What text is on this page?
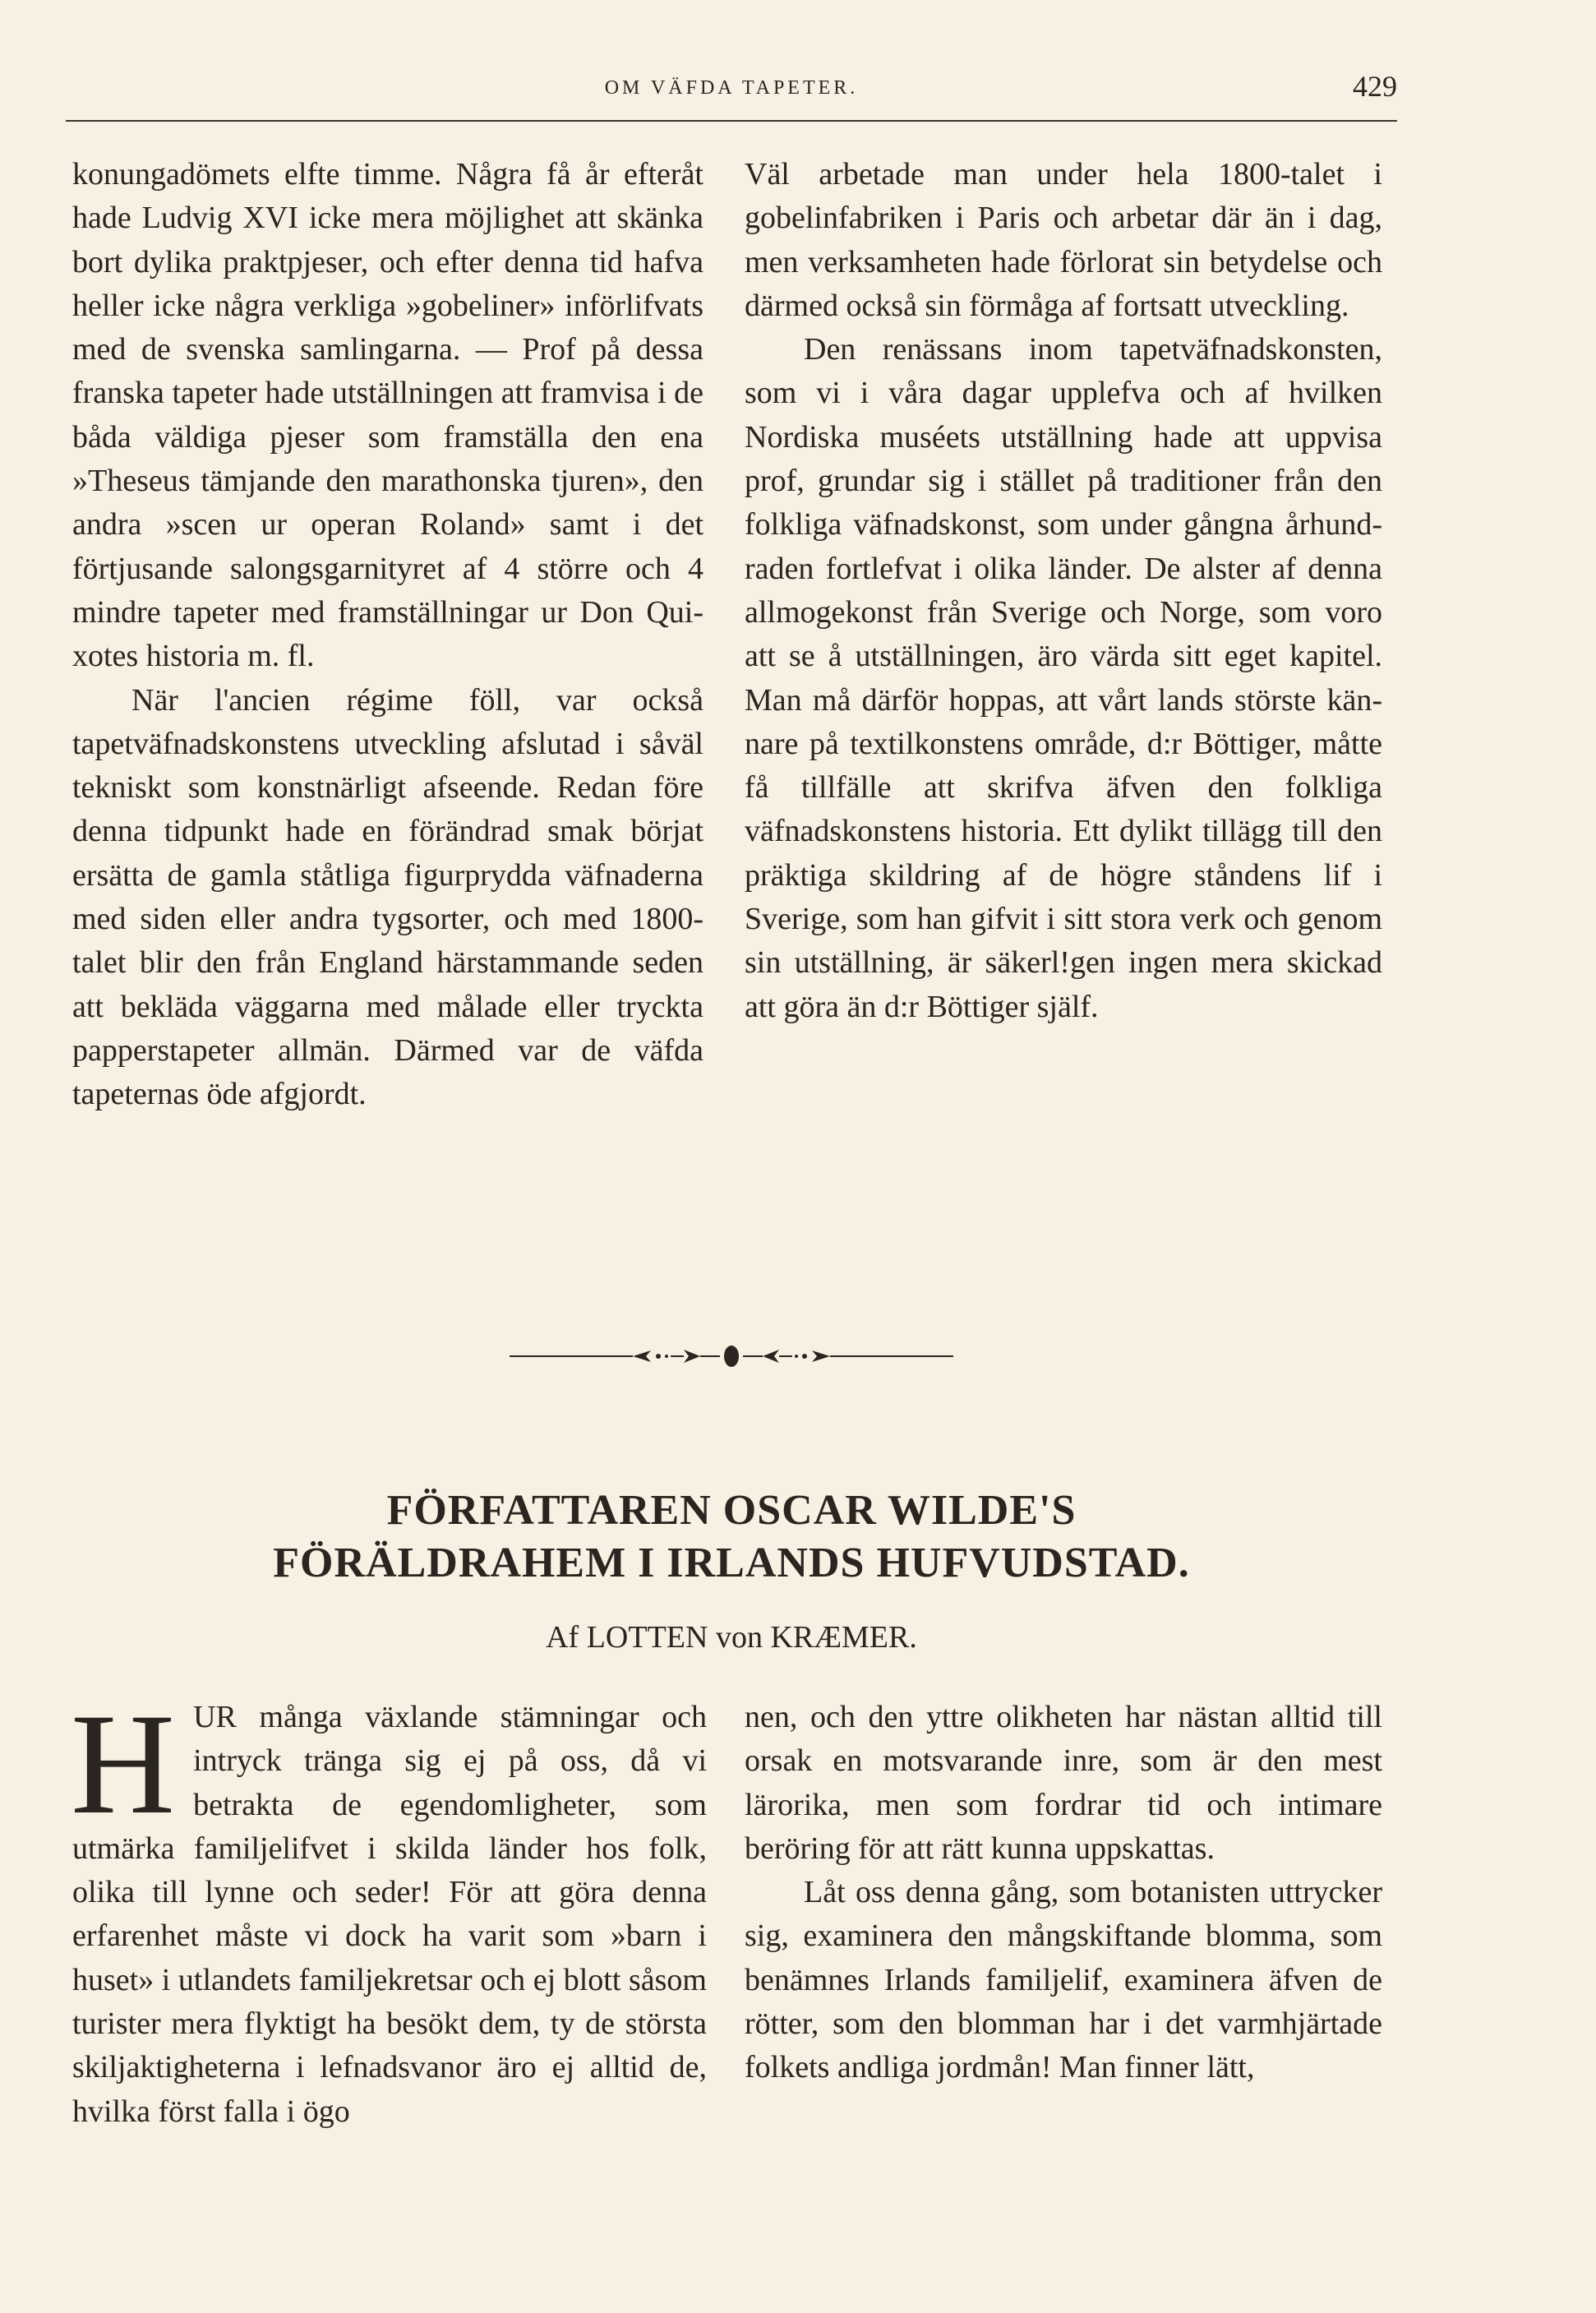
OM VÄFDA TAPETER.	429

konungadömets elfte timme. Några få år efteråt hade Ludvig XVI icke mera möjlighet att skänka bort dylika praktpjeser, och efter denna tid hafva heller icke några verkliga »gobeliner» införlifvats med de svenska samlingarna. — Prof på dessa franska tapeter hade utställningen att framvisa i de båda väldiga pjeser som framställa den ena »Theseus tämjande den marathonska tjuren», den andra »scen ur operan Roland» samt i det förtjusande salongsgarnityret af 4 större och 4 mindre tapeter med framställningar ur Don Quixotes historia m. fl.

När l'ancien régime föll, var också tapetväfnadskonstens utveckling afslutad i såväl tekniskt som konstnärligt afseende. Redan före denna tidpunkt hade en förändrad smak börjat ersätta de gamla ståtliga figurprydda väfnaderna med siden eller andra tygsorter, och med 1800-talet blir den från England härstammande seden att bekläda väggarna med målade eller tryckta papperstapeter allmän. Därmed var de väfda tapeternas öde afgjordt.

Väl arbetade man under hela 1800-talet i gobelinfabriken i Paris och arbetar där än i dag, men verksamheten hade förlorat sin betydelse och därmed också sin förmåga af fortsatt utveckling.

Den renässans inom tapetväfnadskonsten, som vi i våra dagar upplefva och af hvilken Nordiska muséets utställning hade att uppvisa prof, grundar sig i stället på traditioner från den folkliga väfnadskonst, som under gångna århundraden fortlefvat i olika länder. De alster af denna allmogekonst från Sverige och Norge, som voro att se å utställningen, äro värda sitt eget kapitel. Man må därför hoppas, att vårt lands störste kännare på textilkonstens område, d:r Böttiger, måtte få tillfälle att skrifva äfven den folkliga väfnadskonstens historia. Ett dylikt tillägg till den präktiga skildring af de högre ståndens lif i Sverige, som han gifvit i sitt stora verk och genom sin utställning, är säkerl!gen ingen mera skickad att göra än d:r Böttiger själf.

FÖRFATTAREN OSCAR WILDE'S
FÖRÄLDRAHEM I IRLANDS HUFVUDSTAD.
Af LOTTEN von KRÆMER.

HUR många växlande stämningar och intryck tränga sig ej på oss, då vi betrakta de egendomligheter, som utmärka familjelifvet i skilda länder hos folk, olika till lynne och seder! För att göra denna erfarenhet måste vi dock ha varit som »barn i huset» i utlandets familjekretsar och ej blott såsom turister mera flyktigt ha besökt dem, ty de största skiljaktigheterna i lefnadsvanor äro ej alltid de, hvilka först falla i ögo

nen, och den yttre olikheten har nästan alltid till orsak en motsvarande inre, som är den mest lärorika, men som fordrar tid och intimare beröring för att rätt kunna uppskattas.

Låt oss denna gång, som botanisten uttrycker sig, examinera den mångskiftande blomma, som benämnes Irlands familjelif, examinera äfven de rötter, som den blomman har i det varmhjärtade folkets andliga jordmån! Man finner lätt,
